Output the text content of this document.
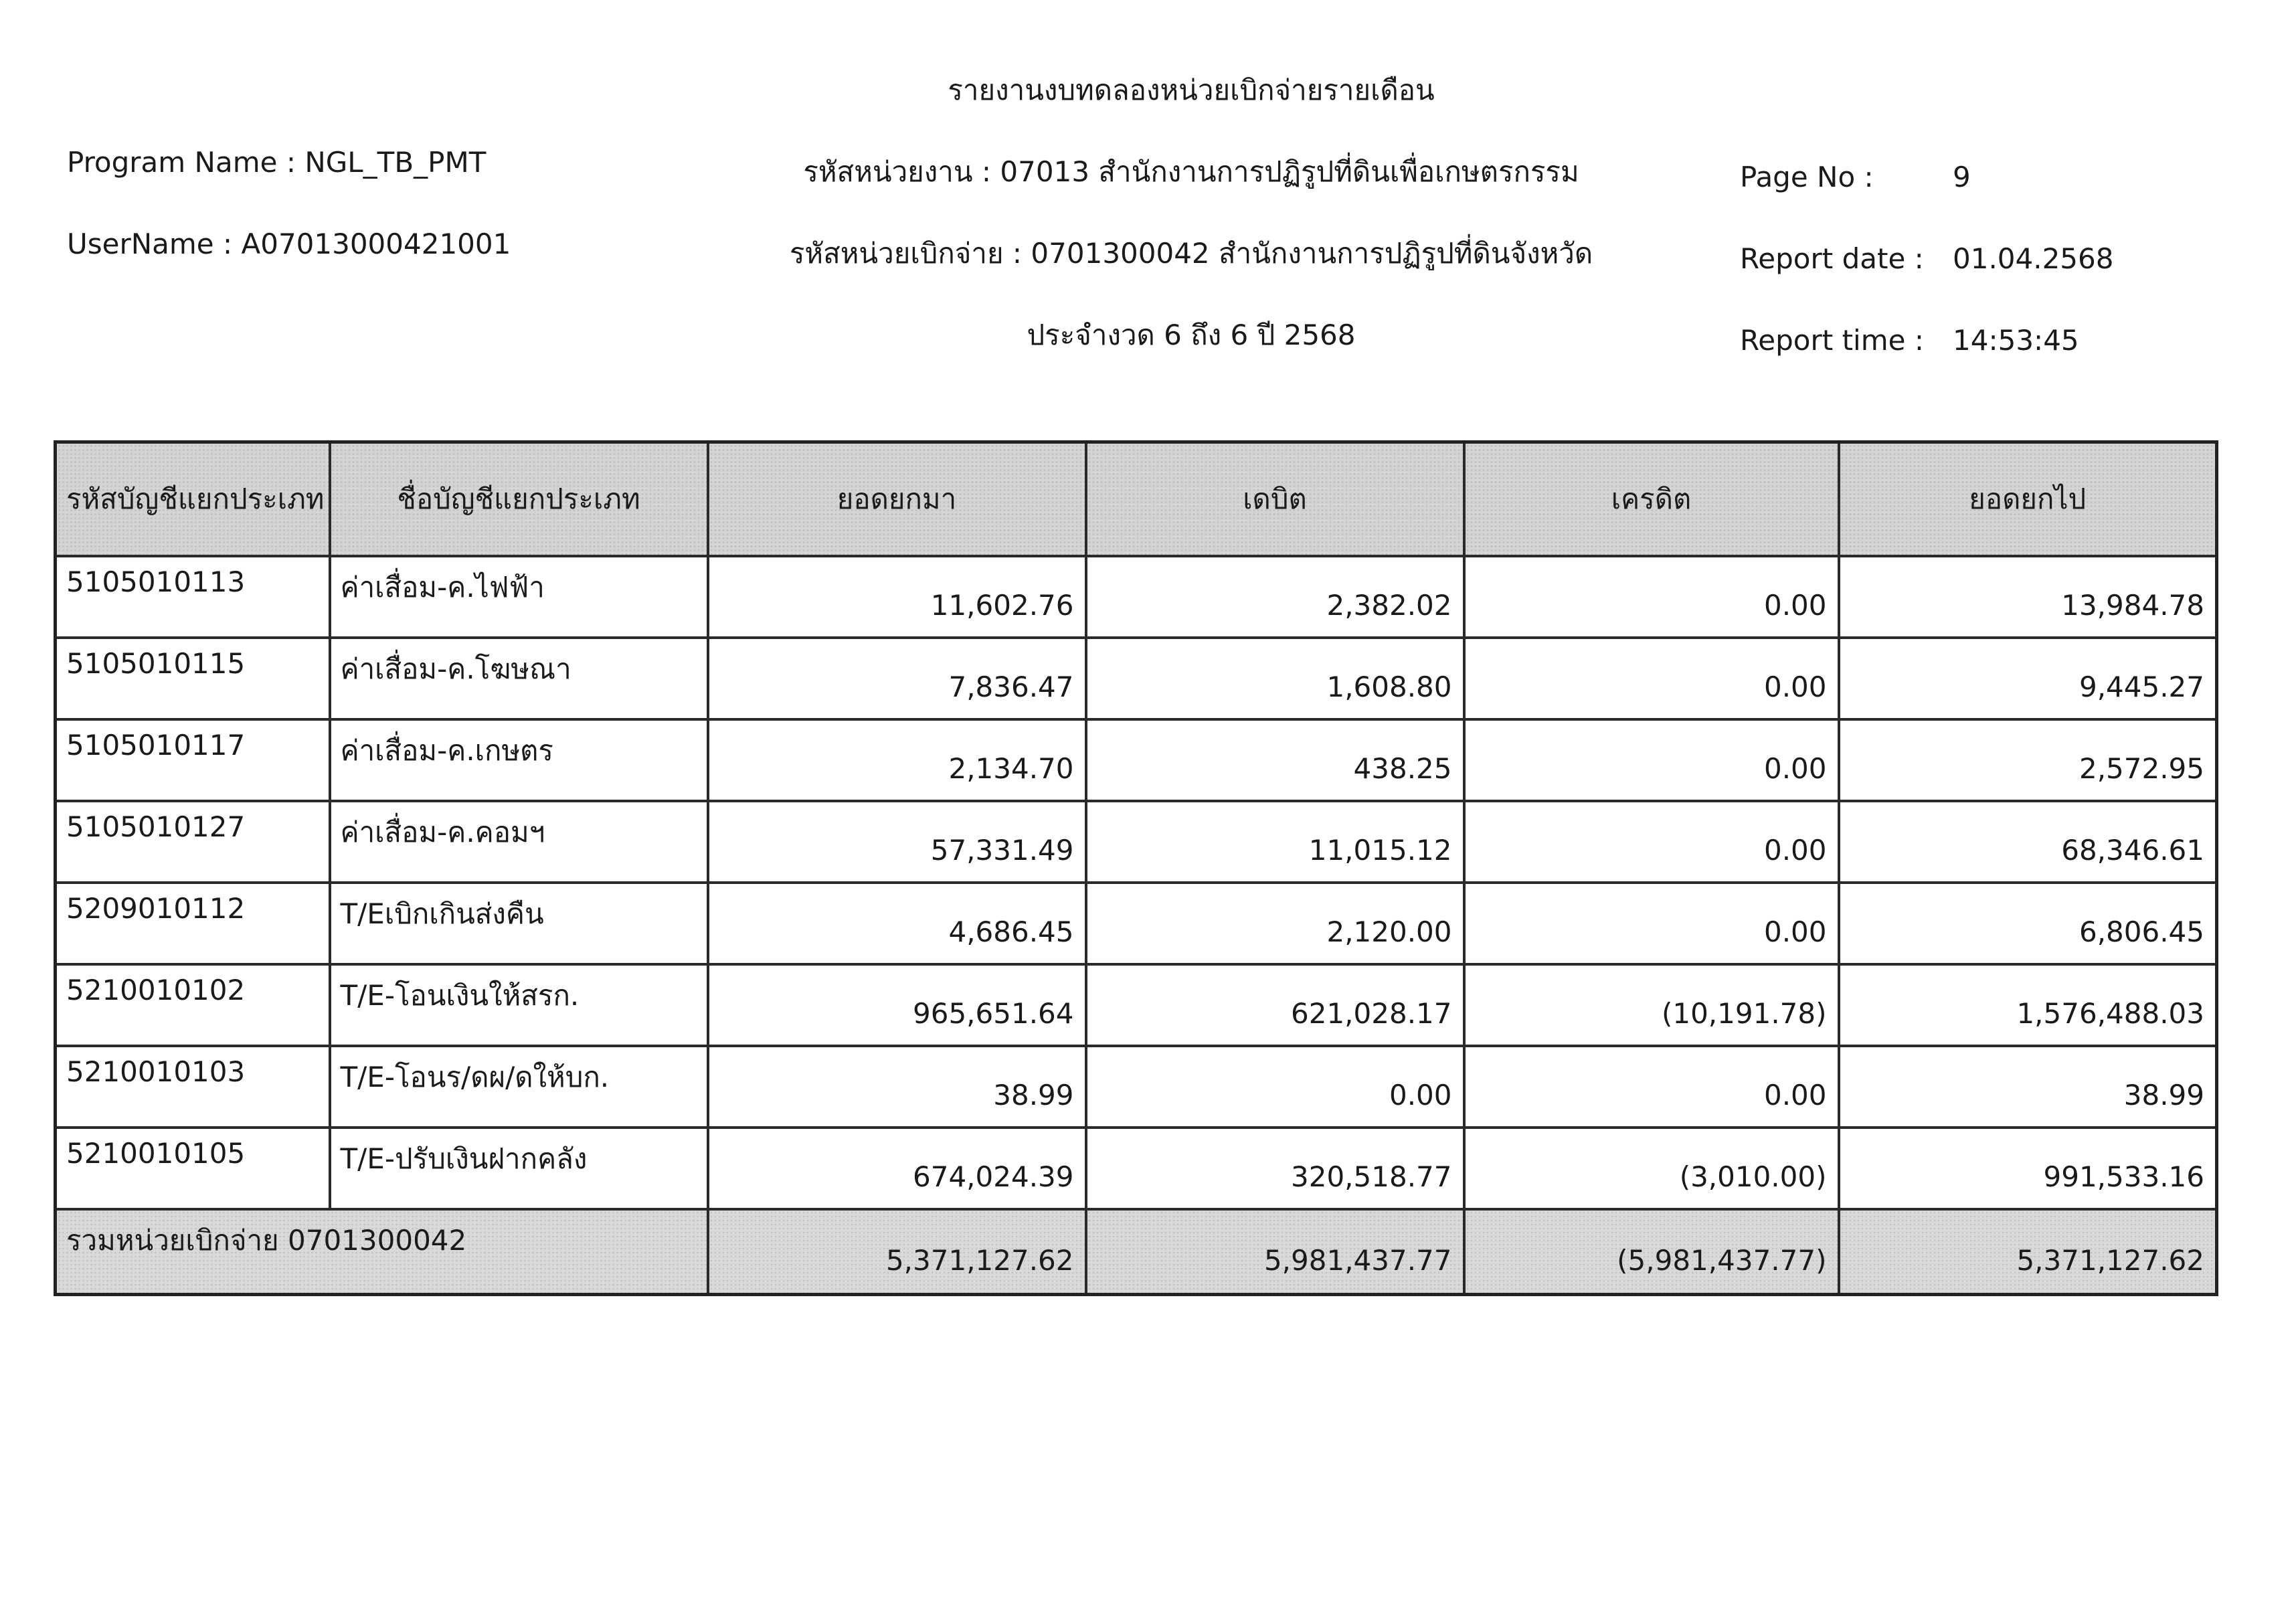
รายงานงบทดลองหน่วยเบิกจ่ายรายเดือน
Program Name : NGL_TB_PMT
UserName : A07013000421001
รหัสหน่วยงาน : 07013 สำนักงานการปฏิรูปที่ดินเพื่อเกษตรกรรม
รหัสหน่วยเบิกจ่าย : 0701300042 สำนักงานการปฏิรูปที่ดินจังหวัด
ประจำงวด 6 ถึง 6 ปี 2568
Page No :	9
Report date : 01.04.2568
Report time : 14:53:45
รหัสบัญชีแยกประเภท	ชื่อบัญชีแยกประเภท	ยอดยกมา	เดบิต	เครดิต	ยอดยกไป
5105010113	ค่าเสื่อม-ค.ไฟฟ้า	11,602.76	2,382.02	0.00	13,984.78
5105010115	ค่าเสื่อม-ค.โฆษณา	7,836.47	1,608.80	0.00	9,445.27
5105010117	ค่าเสื่อม-ค.เกษตร	2,134.70	438.25	0.00	2,572.95
5105010127	ค่าเสื่อม-ค.คอมฯ	57,331.49	11,015.12	0.00	68,346.61
5209010112	T/Eเบิกเกินส่งคืน	4,686.45	2,120.00	0.00	6,806.45
5210010102	T/E-โอนเงินให้สรก.	965,651.64	621,028.17	(10,191.78)	1,576,488.03
5210010103	T/E-โอนร/ดผ/ดให้บก.	38.99	0.00	0.00	38.99
5210010105	T/E-ปรับเงินฝากคลัง	674,024.39	320,518.77	(3,010.00)	991,533.16
รวมหน่วยเบิกจ่าย 0701300042		5,371,127.62	5,981,437.77	(5,981,437.77)	5,371,127.62
